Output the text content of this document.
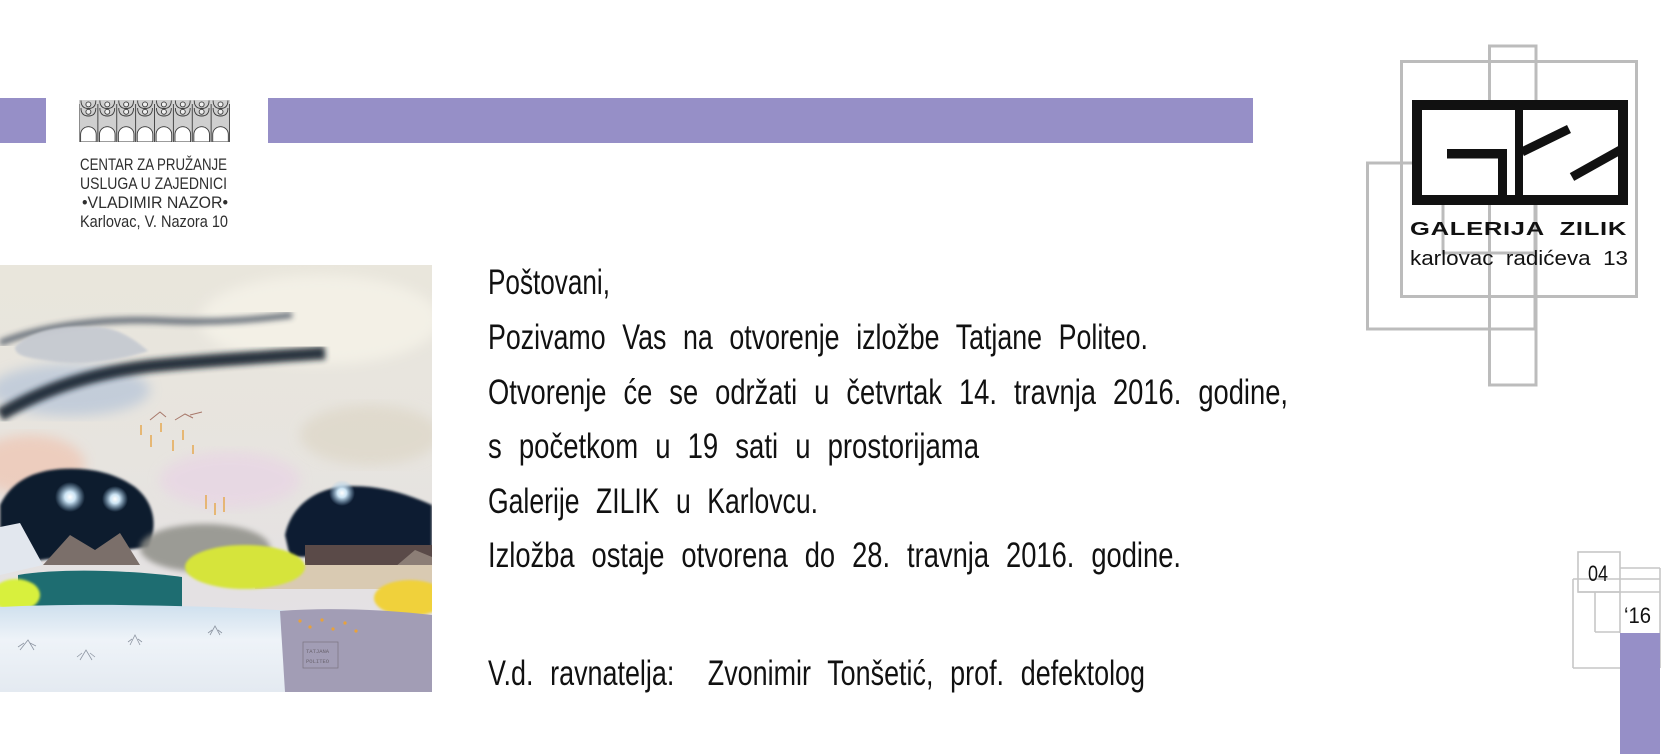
CENTAR ZA PRUŽANJE
USLUGA U ZAJEDNICI
•VLADIMIR NAZOR•
Karlovac, V. Nazora 10
TATJANA
POLITEO
Poštovani,
Pozivamo Vas na otvorenje izložbe Tatjane Politeo.
Otvorenje će se održati u četvrtak 14. travnja 2016. godine,
s početkom u 19 sati u prostorijama
Galerije ZILIK u Karlovcu.
Izložba ostaje otvorena do 28. travnja 2016. godine.
V.d. ravnatelja:  Zvonimir Tonšetić, prof. defektolog
GALERIJA  ZILIK
karlovac  radićeva  13
04
‘16
